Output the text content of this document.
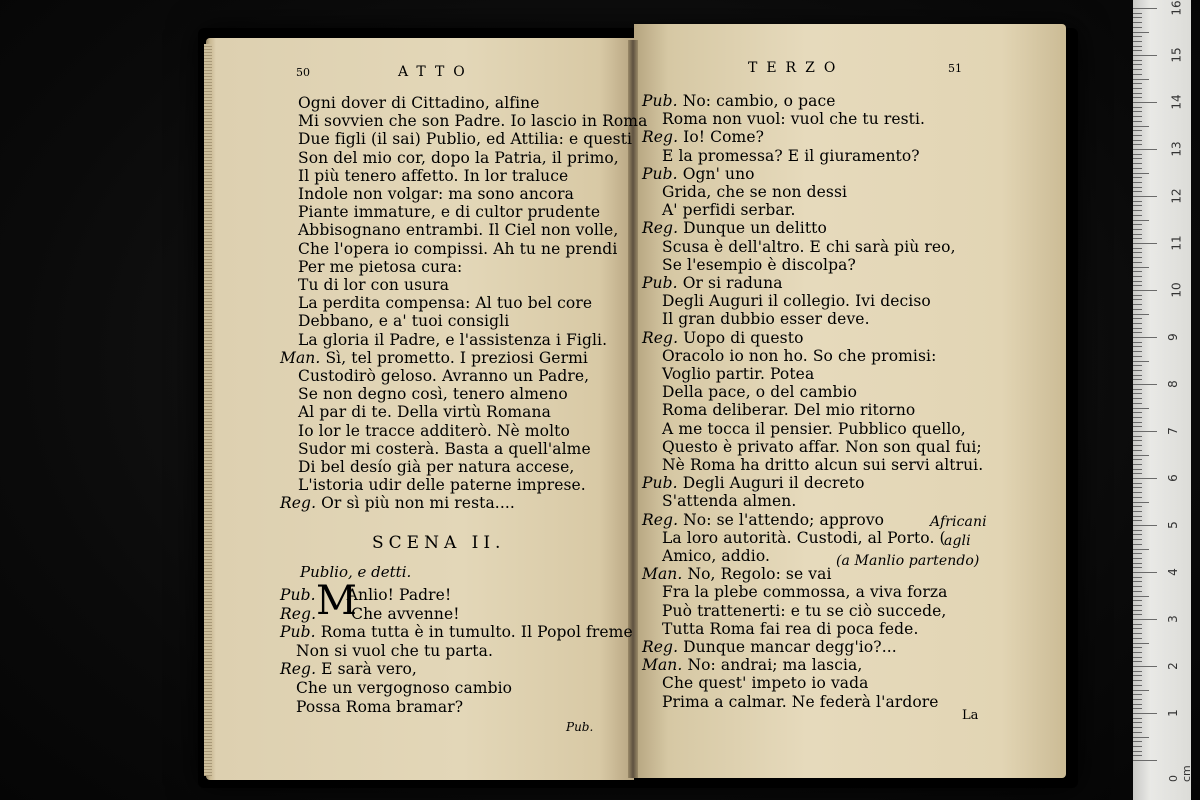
50	ATTO	TERZO	51
Ogni dover di Cittadino, alfine
Mi sovvien che son Padre. Io lascio in Roma
Due figli (il sai) Publio, ed Attilia: e questi
Son del mio cor, dopo la Patria, il primo,
Il più tenero affetto. In lor traluce
Indole non volgar: ma sono ancora
Piante immature, e di cultor prudente
Abbisognano entrambi. Il Ciel non volle,
Che l'opera io compissi. Ah tu ne prendi
Per me pietosa cura:
Tu di lor con usura
La perdita compensa: Al tuo bel core
Debbano, e a' tuoi consigli
La gloria il Padre, e l'assistenza i Figli.
Man. Sì, tel prometto. I preziosi Germi
Custodirò geloso. Avranno un Padre,
Se non degno così, tenero almeno
Al par di te. Della virtù Romana
Io lor le tracce additerò. Nè molto
Sudor mi costerà. Basta a quell'alme
Di bel desío già per natura accese,
L'istoria udir delle paterne imprese.
Reg. Or sì più non mi resta....
SCENA II.
Publio, e detti.
M
Pub. Anlio! Padre!
Reg. Che avvenne!
Pub. Roma tutta è in tumulto. Il Popol freme
Non si vuol che tu parta.
Reg. E sarà vero,
Che un vergognoso cambio
Possa Roma bramar?
Pub.
Pub. No: cambio, o pace
Roma non vuol: vuol che tu resti.
Reg. Io! Come?
E la promessa? E il giuramento?
Pub. Ogn' uno
Grida, che se non dessi
A' perfidi serbar.
Reg. Dunque un delitto
Scusa è dell'altro. E chi sarà più reo,
Se l'esempio è discolpa?
Pub. Or si raduna
Degli Auguri il collegio. Ivi deciso
Il gran dubbio esser deve.
Reg. Uopo di questo
Oracolo io non ho. So che promisi:
Voglio partir. Potea
Della pace, o del cambio
Roma deliberar. Del mio ritorno
A me tocca il pensier. Pubblico quello,
Questo è privato affar. Non son qual fui;
Nè Roma ha dritto alcun sui servi altrui.
Pub. Degli Auguri il decreto
S'attenda almen.
Reg. No: se l'attendo; approvo
La loro autorità. Custodi, al Porto. (
Amico, addio.
Man. No, Regolo: se vai
Fra la plebe commossa, a viva forza
Può trattenerti: e tu se ciò succede,
Tutta Roma fai rea di poca fede.
Reg. Dunque mancar degg'io?...
Man. No: andrai; ma lascia,
Che quest' impeto io vada
Prima a calmar. Ne federà l'ardore
Africani
agli
(a Manlio partendo)
La	1
2
3
4
5
6
7
8
9
10
11
12
13
14
15
16
0 cm
